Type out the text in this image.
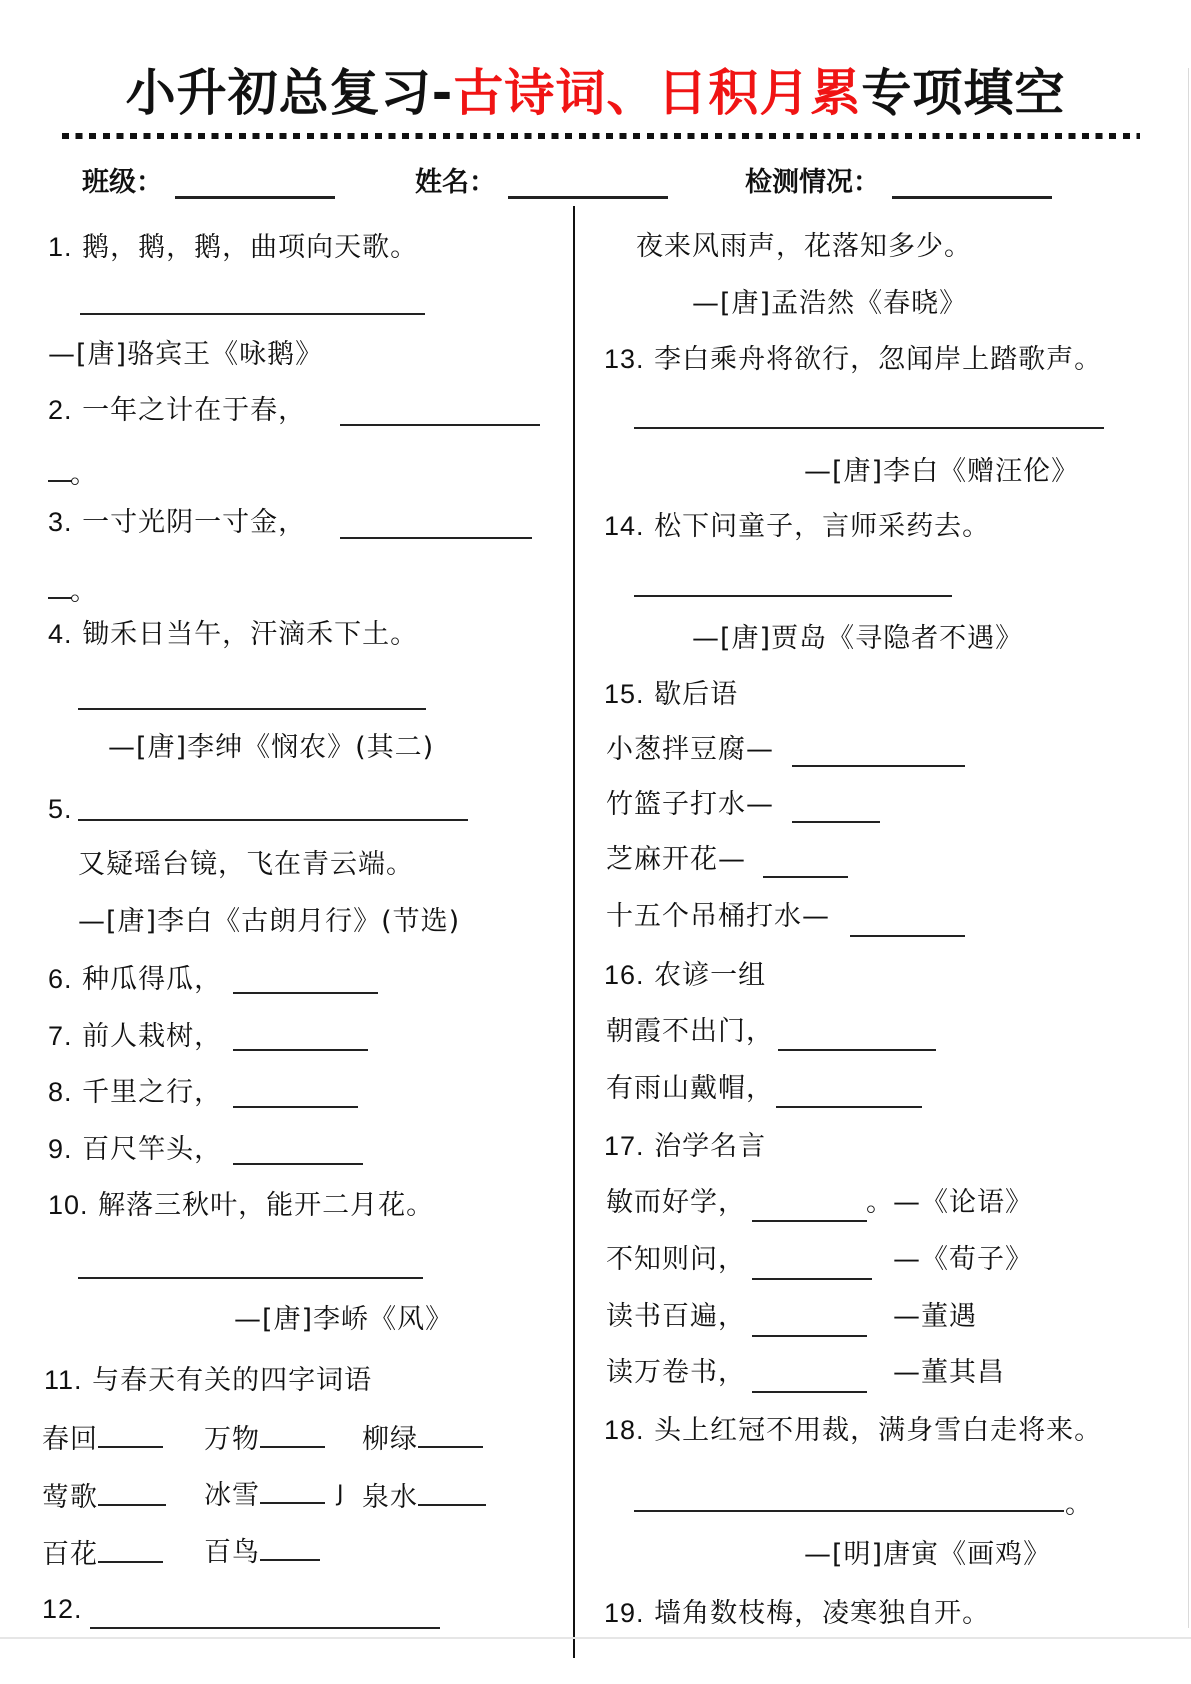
小升初总复习-古诗词、日积月累专项填空
班级：	姓名：	检测情况：
1. 鹅，鹅，鹅，曲项向天歌。
—[唐]骆宾王《咏鹅》
2. 一年之计在于春，
。
3. 一寸光阴一寸金，
。
4. 锄禾日当午，汗滴禾下土。
—[唐]李绅《悯农》(其二)
5.
又疑瑶台镜，飞在青云端。
—[唐]李白《古朗月行》(节选)
6. 种瓜得瓜，
7. 前人栽树，
8. 千里之行，
9. 百尺竿头，
10. 解落三秋叶，能开二月花。
—[唐]李峤《风》
11. 与春天有关的四字词语
春回	万物	柳绿
莺歌	冰雪	J 泉水
百花	百鸟
12.
夜来风雨声，花落知多少。
—[唐]孟浩然《春晓》
13. 李白乘舟将欲行，忽闻岸上踏歌声。
—[唐]李白《赠汪伦》
14. 松下问童子，言师采药去。
—[唐]贾岛《寻隐者不遇》
15. 歇后语
小葱拌豆腐—
竹篮子打水—
芝麻开花—
十五个吊桶打水—
16. 农谚一组
朝霞不出门，
有雨山戴帽，
17. 治学名言
敏而好学，	。 —《论语》
不知则问，	—《荀子》
读书百遍，	—董遇
读万卷书，	—董其昌
18. 头上红冠不用裁，满身雪白走将来。
。
—[明]唐寅《画鸡》
19. 墙角数枝梅，凌寒独自开。
